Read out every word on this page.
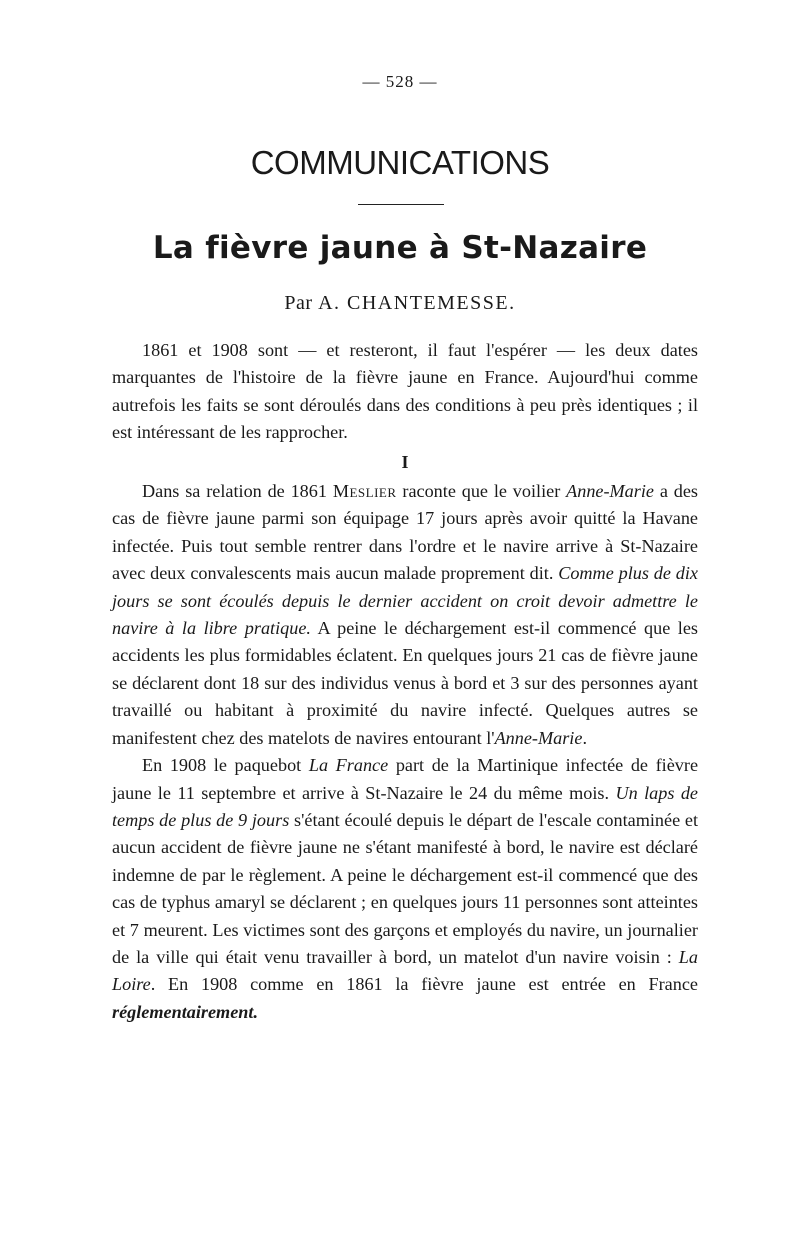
— 528 —
COMMUNICATIONS
La fièvre jaune à St-Nazaire
Par A. CHANTEMESSE.

1861 et 1908 sont — et resteront, il faut l'espérer — les deux dates marquantes de l'histoire de la fièvre jaune en France. Aujourd'hui comme autrefois les faits se sont déroulés dans des conditions à peu près identiques ; il est intéressant de les rapprocher.

I

Dans sa relation de 1861 Meslier raconte que le voilier Anne-Marie a des cas de fièvre jaune parmi son équipage 17 jours après avoir quitté la Havane infectée. Puis tout semble rentrer dans l'ordre et le navire arrive à St-Nazaire avec deux convalescents mais aucun malade proprement dit. Comme plus de dix jours se sont écoulés depuis le dernier accident on croit devoir admettre le navire à la libre pratique. A peine le déchargement est-il commencé que les accidents les plus formidables éclatent. En quelques jours 21 cas de fièvre jaune se déclarent dont 18 sur des individus venus à bord et 3 sur des personnes ayant travaillé ou habitant à proximité du navire infecté. Quelques autres se manifestent chez des matelots de navires entourant l'Anne-Marie.

En 1908 le paquebot La France part de la Martinique infectée de fièvre jaune le 11 septembre et arrive à St-Nazaire le 24 du même mois. Un laps de temps de plus de 9 jours s'étant écoulé depuis le départ de l'escale contaminée et aucun accident de fièvre jaune ne s'étant manifesté à bord, le navire est déclaré indemne de par le règlement. A peine le déchargement est-il commencé que des cas de typhus amaryl se déclarent ; en quelques jours 11 personnes sont atteintes et 7 meurent. Les victimes sont des garçons et employés du navire, un journalier de la ville qui était venu travailler à bord, un matelot d'un navire voisin : La Loire. En 1908 comme en 1861 la fièvre jaune est entrée en France réglementairement.
